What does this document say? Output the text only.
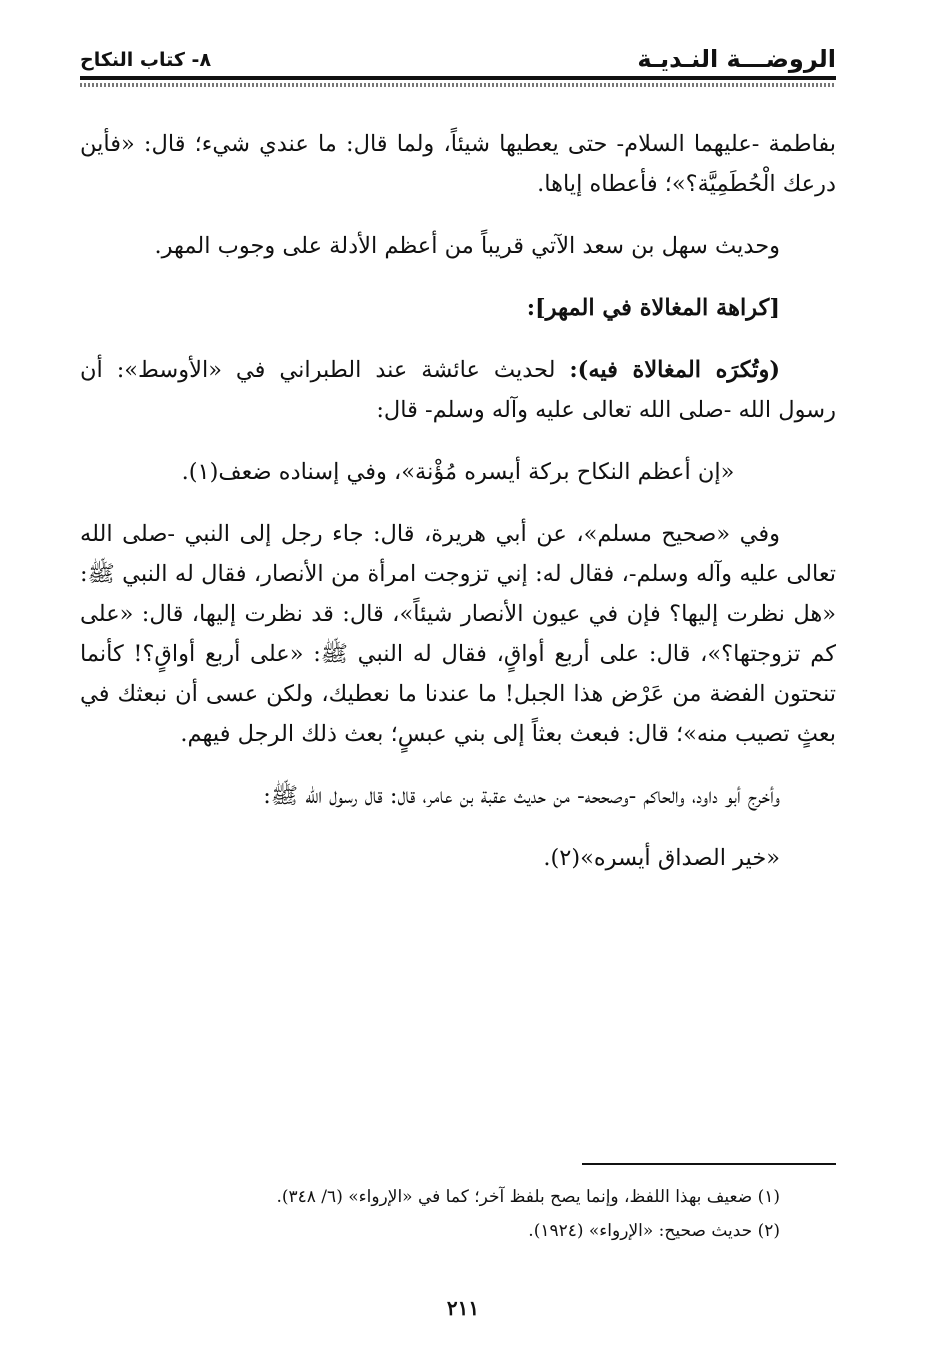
الروضـــة النـديـة
٨- كتاب النكاح

بفاطمة -عليهما السلام- حتى يعطيها شيئاً، ولما قال: ما عندي شيء؛ قال: «فأين درعك الْحُطَمِيَّة؟»؛ فأعطاه إياها.

وحديث سهل بن سعد الآتي قريباً من أعظم الأدلة على وجوب المهر.

[كراهة المغالاة في المهر]:

(وتُكرَه المغالاة فيه): لحديث عائشة عند الطبراني في «الأوسط»: أن رسول الله -صلى الله تعالى عليه وآله وسلم- قال:

«إن أعظم النكاح بركة أيسره مُؤْنة»، وفي إسناده ضعف(١).

وفي «صحيح مسلم»، عن أبي هريرة، قال: جاء رجل إلى النبي -صلى الله تعالى عليه وآله وسلم-، فقال له: إني تزوجت امرأة من الأنصار، فقال له النبي ﷺ: «هل نظرت إليها؟ فإن في عيون الأنصار شيئاً»، قال: قد نظرت إليها، قال: «على كم تزوجتها؟»، قال: على أربع أواقٍ، فقال له النبي ﷺ: «على أربع أواقٍ؟! كأنما تنحتون الفضة من عَرْض هذا الجبل! ما عندنا ما نعطيك، ولكن عسى أن نبعثك في بعثٍ تصيب منه»؛ قال: فبعث بعثاً إلى بني عبسٍ؛ بعث ذلك الرجل فيهم.

وأخرج أبو داود، والحاكم -وصححه- من حديث عقبة بن عامر، قال: قال رسول الله ﷺ:

«خير الصداق أيسره»(٢).

(١) ضعيف بهذا اللفظ، وإنما يصح بلفظ آخر؛ كما في «الإرواء» (٦/ ٣٤٨).

(٢) حديث صحيح: «الإرواء» (١٩٢٤).

٢١١
